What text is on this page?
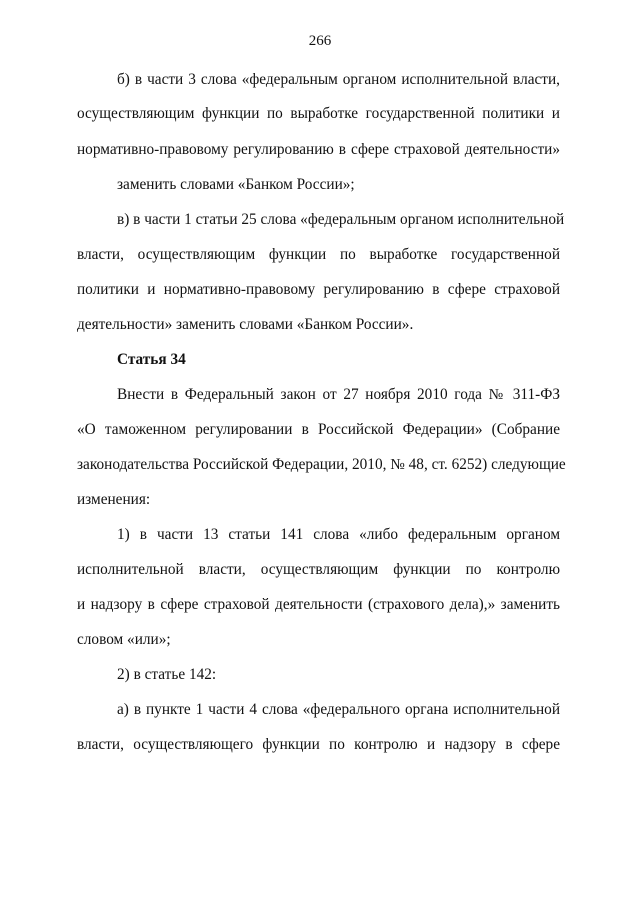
266
б) в части 3 слова «федеральным органом исполнительной власти,
осуществляющим функции по выработке государственной политики и
нормативно-правовому регулированию в сфере страховой деятельности»
заменить словами «Банком России»;
в) в части 1 статьи 25 слова «федеральным органом исполнительной
власти, осуществляющим функции по выработке государственной
политики и нормативно-правовому регулированию в сфере страховой
деятельности» заменить словами «Банком России».
Статья 34
Внести в Федеральный закон от 27 ноября 2010 года № 311-ФЗ
«О таможенном регулировании в Российской Федерации» (Собрание
законодательства Российской Федерации, 2010, № 48, ст. 6252) следующие
изменения:
1) в части 13 статьи 141 слова «либо федеральным органом
исполнительной власти, осуществляющим функции по контролю
и надзору в сфере страховой деятельности (страхового дела),» заменить
словом «или»;
2) в статье 142:
а) в пункте 1 части 4 слова «федерального органа исполнительной
власти, осуществляющего функции по контролю и надзору в сфере
